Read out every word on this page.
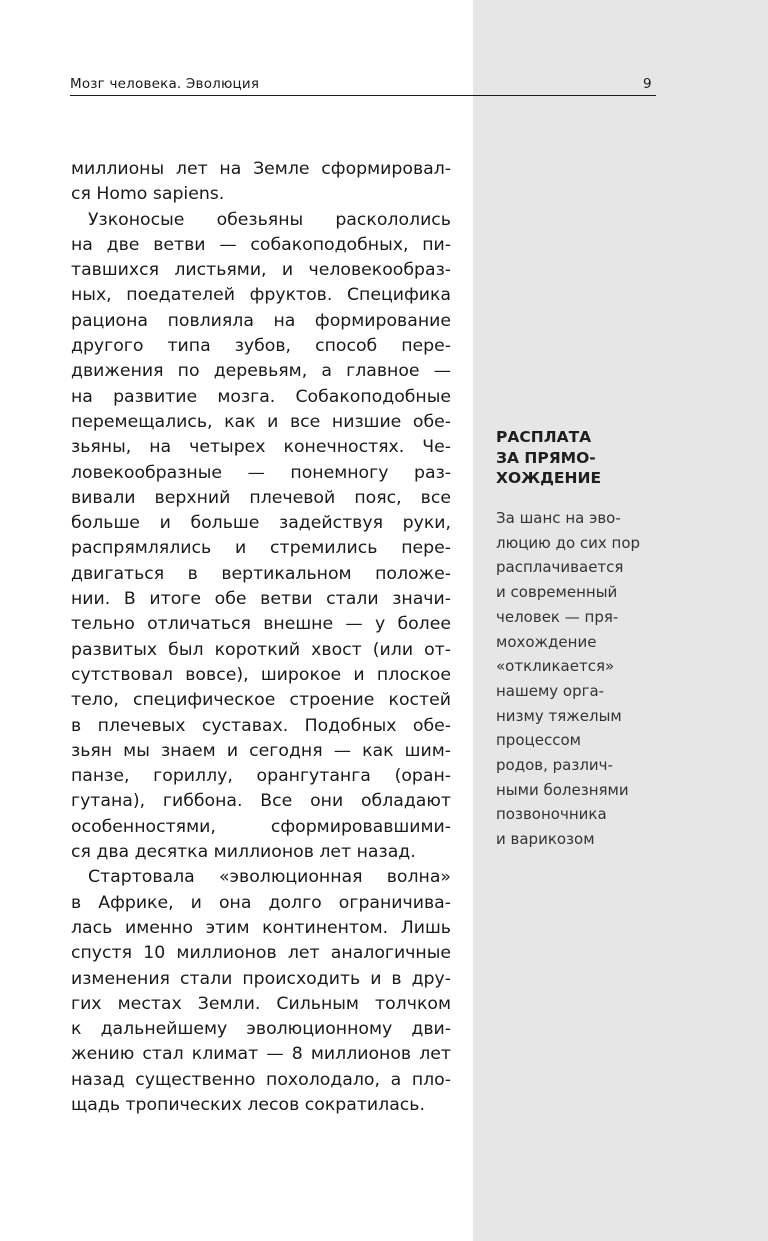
Мозг человека. Эволюция	9
миллионы лет на Земле сформировал-
ся Homo sapiens.
Узконосые обезьяны раскололись
на две ветви — собакоподобных, пи-
тавшихся листьями, и человекообраз-
ных, поедателей фруктов. Специфика
рациона повлияла на формирование
другого типа зубов, способ пере-
движения по деревьям, а главное —
на развитие мозга. Собакоподобные
перемещались, как и все низшие обе-
зьяны, на четырех конечностях. Че-
ловекообразные — понемногу раз-
вивали верхний плечевой пояс, все
больше и больше задействуя руки,
распрямлялись и стремились пере-
двигаться в вертикальном положе-
нии. В итоге обе ветви стали значи-
тельно отличаться внешне — у более
развитых был короткий хвост (или от-
сутствовал вовсе), широкое и плоское
тело, специфическое строение костей
в плечевых суставах. Подобных обе-
зьян мы знаем и сегодня — как шим-
панзе, гориллу, орангутанга (оран-
гутана), гиббона. Все они обладают
особенностями, сформировавшими-
ся два десятка миллионов лет назад.
Стартовала «эволюционная волна»
в Африке, и она долго ограничива-
лась именно этим континентом. Лишь
спустя 10 миллионов лет аналогичные
изменения стали происходить и в дру-
гих местах Земли. Сильным толчком
к дальнейшему эволюционному дви-
жению стал климат — 8 миллионов лет
назад существенно похолодало, а пло-
щадь тропических лесов сократилась.
РАСПЛАТА
ЗА ПРЯМО-
ХОЖДЕНИЕ
За шанс на эво-
люцию до сих пор
расплачивается
и современный
человек — пря-
мохождение
«откликается»
нашему орга-
низму тяжелым
процессом
родов, различ-
ными болезнями
позвоночника
и варикозом
